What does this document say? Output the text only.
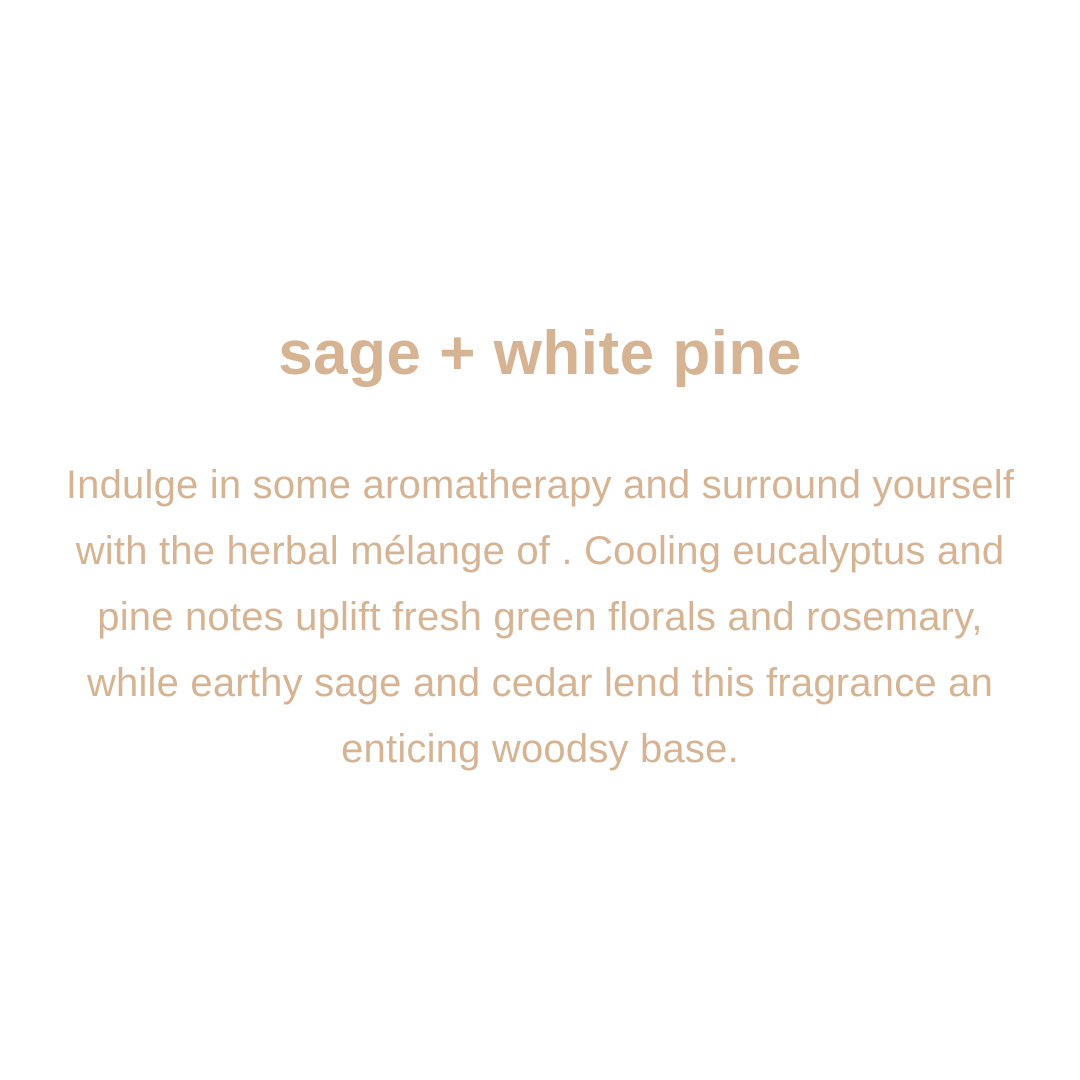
sage + white pine

Indulge in some aromatherapy and surround yourself with the herbal mélange of . Cooling eucalyptus and pine notes uplift fresh green florals and rosemary, while earthy sage and cedar lend this fragrance an enticing woodsy base.
